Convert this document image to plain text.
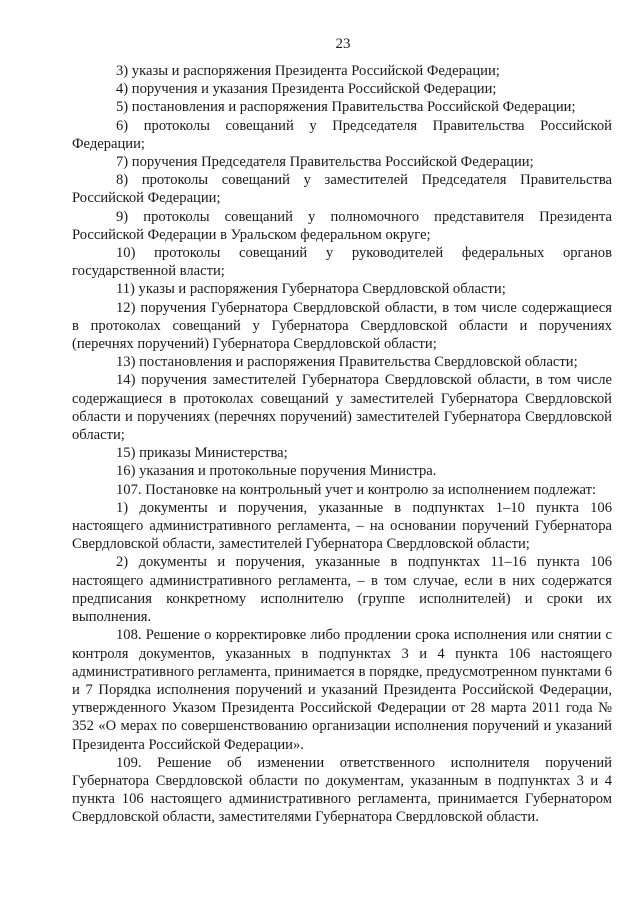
23

3) указы и распоряжения Президента Российской Федерации;

4) поручения и указания Президента Российской Федерации;

5) постановления и распоряжения Правительства Российской Федерации;

6) протоколы совещаний у Председателя Правительства Российской Федерации;

7) поручения Председателя Правительства Российской Федерации;

8) протоколы совещаний у заместителей Председателя Правительства Российской Федерации;

9) протоколы совещаний у полномочного представителя Президента Российской Федерации в Уральском федеральном округе;

10) протоколы совещаний у руководителей федеральных органов государственной власти;

11) указы и распоряжения Губернатора Свердловской области;

12) поручения Губернатора Свердловской области, в том числе содержащиеся в протоколах совещаний у Губернатора Свердловской области и поручениях (перечнях поручений) Губернатора Свердловской области;

13) постановления и распоряжения Правительства Свердловской области;

14) поручения заместителей Губернатора Свердловской области, в том числе содержащиеся в протоколах совещаний у заместителей Губернатора Свердловской области и поручениях (перечнях поручений) заместителей Губернатора Свердловской области;

15) приказы Министерства;

16) указания и протокольные поручения Министра.

107. Постановке на контрольный учет и контролю за исполнением подлежат:

1) документы и поручения, указанные в подпунктах 1–10 пункта 106 настоящего административного регламента, – на основании поручений Губернатора Свердловской области, заместителей Губернатора Свердловской области;

2) документы и поручения, указанные в подпунктах 11–16 пункта 106 настоящего административного регламента, – в том случае, если в них содержатся предписания конкретному исполнителю (группе исполнителей) и сроки их выполнения.

108. Решение о корректировке либо продлении срока исполнения или снятии с контроля документов, указанных в подпунктах 3 и 4 пункта 106 настоящего административного регламента, принимается в порядке, предусмотренном пунктами 6 и 7 Порядка исполнения поручений и указаний Президента Российской Федерации, утвержденного Указом Президента Российской Федерации от 28 марта 2011 года № 352 «О мерах по совершенствованию организации исполнения поручений и указаний Президента Российской Федерации».

109. Решение об изменении ответственного исполнителя поручений Губернатора Свердловской области по документам, указанным в подпунктах 3 и 4 пункта 106 настоящего административного регламента, принимается Губернатором Свердловской области, заместителями Губернатора Свердловской области.
